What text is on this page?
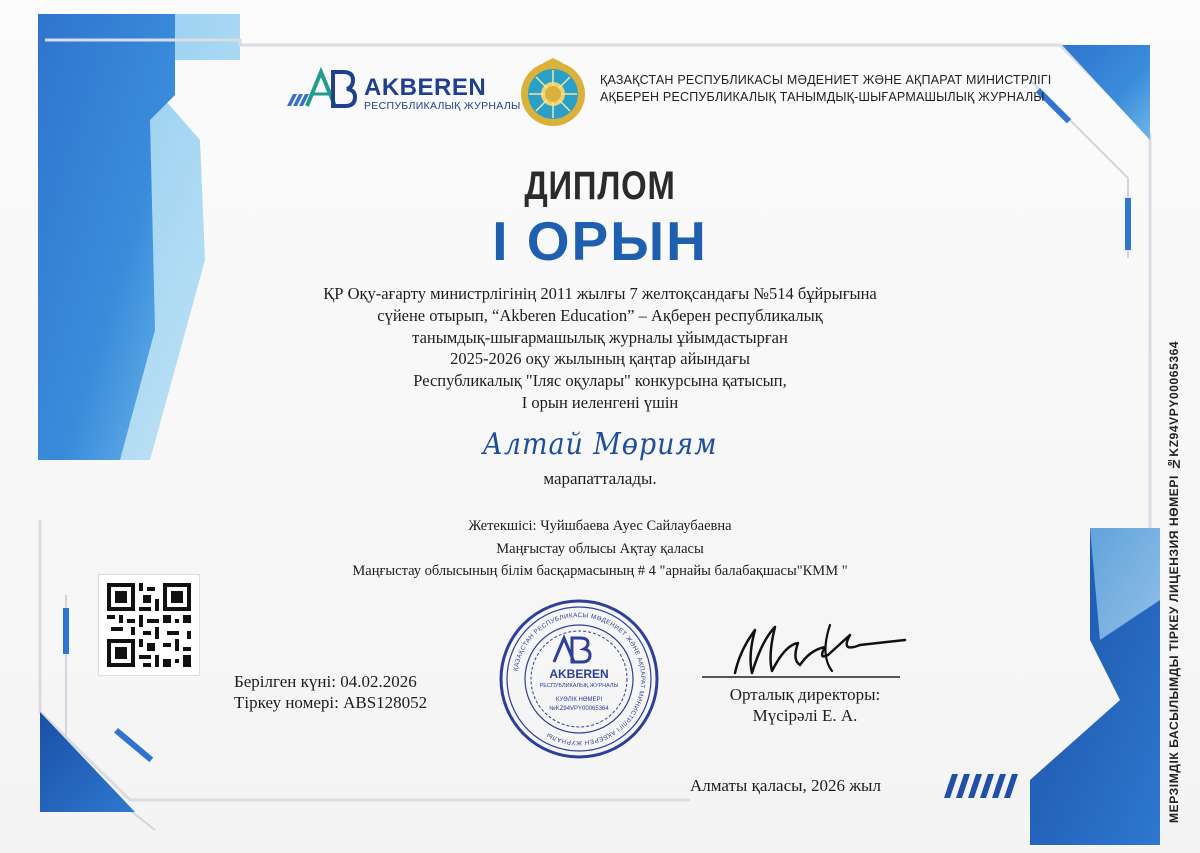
AKBEREN
РЕСПУБЛИКАЛЫҚ ЖУРНАЛЫ
ҚАЗАҚСТАН РЕСПУБЛИКАСЫ МӘДЕНИЕТ ЖӘНЕ АҚПАРАТ МИНИСТРЛІГІ
АҚБЕРЕН РЕСПУБЛИКАЛЫҚ ТАНЫМДЫҚ-ШЫҒАРМАШЫЛЫҚ ЖУРНАЛЫ
ДИПЛОМ
І ОРЫН
ҚР Оқу-ағарту министрлігінің 2011 жылғы 7 желтоқсандағы №514 бұйрығына
сүйене отырып, “Akberen Education” – Ақберен республикалық
танымдық-шығармашылық журналы ұйымдастырған
2025-2026 оқу жылының қаңтар айындағы
Республикалық "Іляс оқулары" конкурсына қатысып,
І орын иеленгені үшін
Алтай Мөриям
марапатталады.
Жетекшісі: Чуйшбаева Ауес Сайлаубаевна
Маңғыстау облысы Ақтау қаласы
Маңғыстау облысының білім басқармасының # 4 "арнайы балабақшасы"КММ "
Берілген күні: 04.02.2026
Тіркеу номері: ABS128052
ҚАЗАҚСТАН РЕСПУБЛИКАСЫ МӘДЕНИЕТ ЖӘНЕ АҚПАРАТ МИНИСТРЛІГІ АҚБЕРЕН ЖУРНАЛЫ
AKBEREN
РЕСПУБЛИКАЛЫҚ ЖУРНАЛЫ
КУӘЛІК НӨМЕРІ
№KZ94VPY00065364
Орталық директоры:
Мүсірәлі Е. А.
Алматы қаласы, 2026 жыл	МЕРЗІМДІК БАСЫЛЫМДЫ ТІРКЕУ ЛИЦЕНЗИЯ НӨМЕРІ №KZ94VPY00065364
